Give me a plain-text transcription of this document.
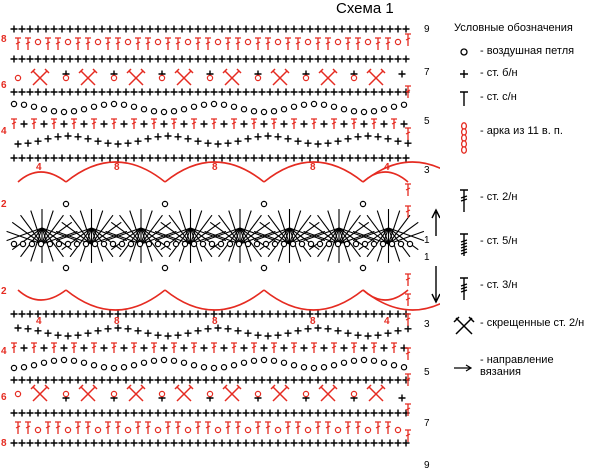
Схема 1
Условные обозначения
- воздушная петля
- ст. б/н
- ст. с/н
- арка из 11 в. п.
- ст. 2/н
- ст. 5/н
- ст. 3/н
- скрещенные ст. 2/н
- направление вязания
9
7
5
3
1
1
3
5
7
9
8
6
4
2
2
4
6
8
4	8	8	8	4
4	8	8	8	4
